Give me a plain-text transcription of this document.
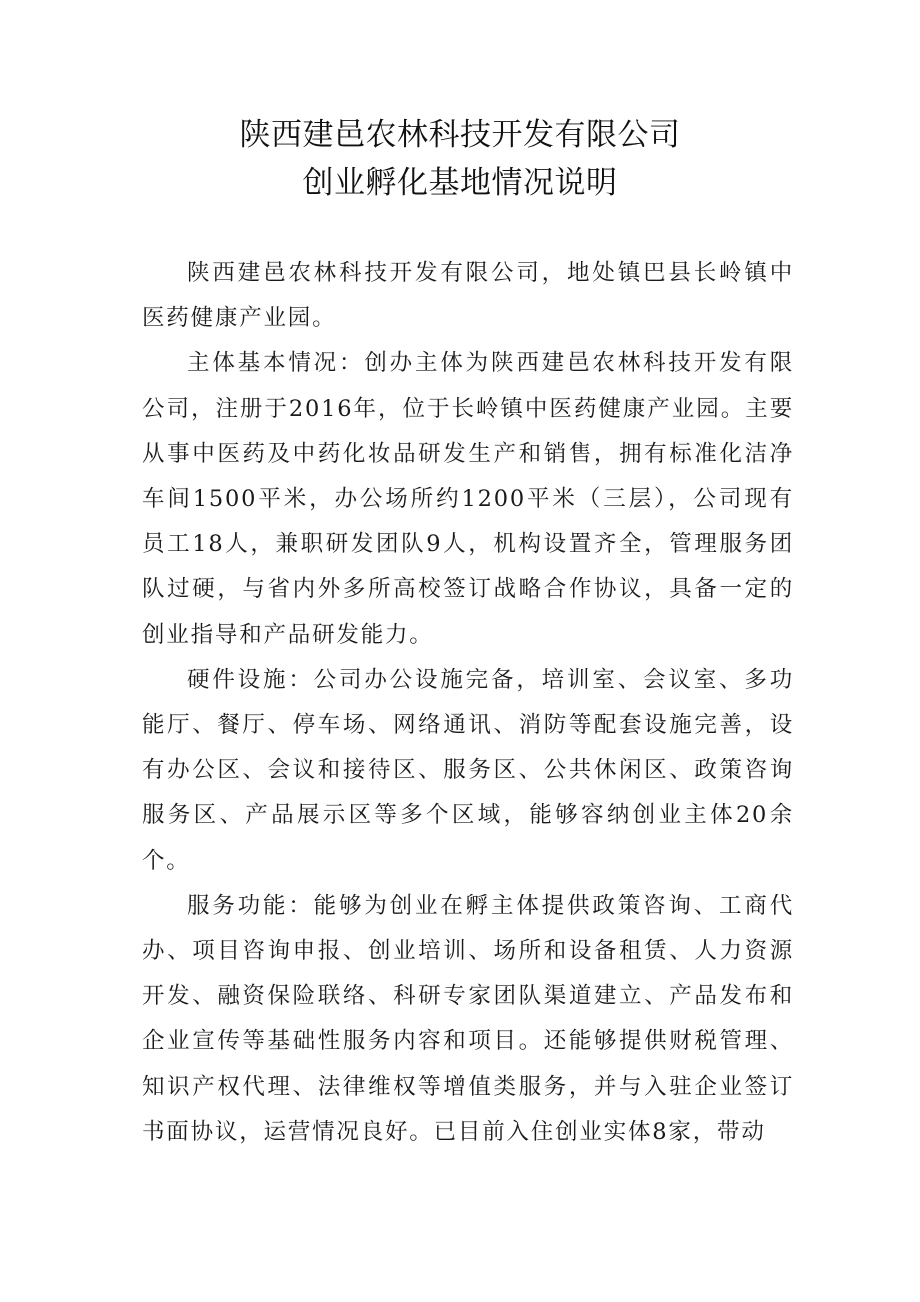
陕西建邑农林科技开发有限公司
创业孵化基地情况说明

陕西建邑农林科技开发有限公司，地处镇巴县长岭镇中医药健康产业园。

主体基本情况：创办主体为陕西建邑农林科技开发有限公司，注册于2016年，位于长岭镇中医药健康产业园。主要从事中医药及中药化妆品研发生产和销售，拥有标准化洁净车间1500平米，办公场所约1200平米（三层），公司现有员工18人，兼职研发团队9人，机构设置齐全，管理服务团队过硬，与省内外多所高校签订战略合作协议，具备一定的创业指导和产品研发能力。

硬件设施：公司办公设施完备，培训室、会议室、多功能厅、餐厅、停车场、网络通讯、消防等配套设施完善，设有办公区、会议和接待区、服务区、公共休闲区、政策咨询服务区、产品展示区等多个区域，能够容纳创业主体20余个。

服务功能：能够为创业在孵主体提供政策咨询、工商代办、项目咨询申报、创业培训、场所和设备租赁、人力资源开发、融资保险联络、科研专家团队渠道建立、产品发布和企业宣传等基础性服务内容和项目。还能够提供财税管理、知识产权代理、法律维权等增值类服务，并与入驻企业签订书面协议，运营情况良好。已目前入住创业实体8家，带动
